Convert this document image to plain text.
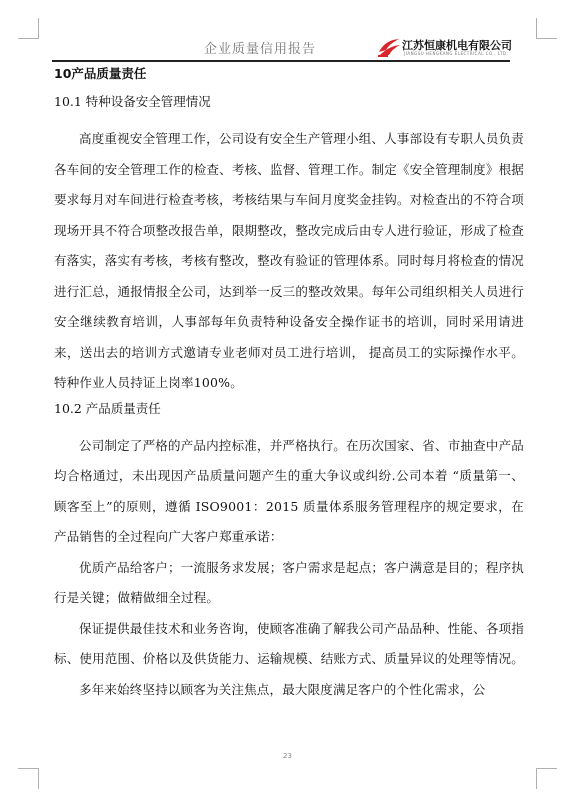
企业质量信用报告	江苏恒康机电有限公司
JIANGSU HENGKANG ELECTRICAL CO., LTD.
10产品质量责任
10.1 特种设备安全管理情况

高度重视安全管理工作，公司设有安全生产管理小组、人事部设有专职人员负责各车间的安全管理工作的检查、考核、监督、管理工作。制定《安全管理制度》根据要求每月对车间进行检查考核，考核结果与车间月度奖金挂钩。对检查出的不符合项现场开具不符合项整改报告单，限期整改，整改完成后由专人进行验证，形成了检查有落实，落实有考核，考核有整改，整改有验证的管理体系。同时每月将检查的情况进行汇总，通报情报全公司，达到举一反三的整改效果。每年公司组织相关人员进行安全继续教育培训，人事部每年负责特种设备安全操作证书的培训，同时采用请进来，送出去的培训方式邀请专业老师对员工进行培训， 提高员工的实际操作水平。特种作业人员持证上岗率100%。

10.2 产品质量责任

公司制定了严格的产品内控标准，并严格执行。在历次国家、省、市抽查中产品均合格通过，未出现因产品质量问题产生的重大争议或纠纷.公司本着 “质量第一、顾客至上”的原则，遵循 ISO9001：2015 质量体系服务管理程序的规定要求，在产品销售的全过程向广大客户郑重承诺：

优质产品给客户；一流服务求发展；客户需求是起点；客户满意是目的；程序执行是关键；做精做细全过程。

保证提供最佳技术和业务咨询，使顾客准确了解我公司产品品种、性能、各项指标、使用范围、价格以及供货能力、运输规模、结账方式、质量异议的处理等情况。

多年来始终坚持以顾客为关注焦点，最大限度满足客户的个性化需求，公

23
